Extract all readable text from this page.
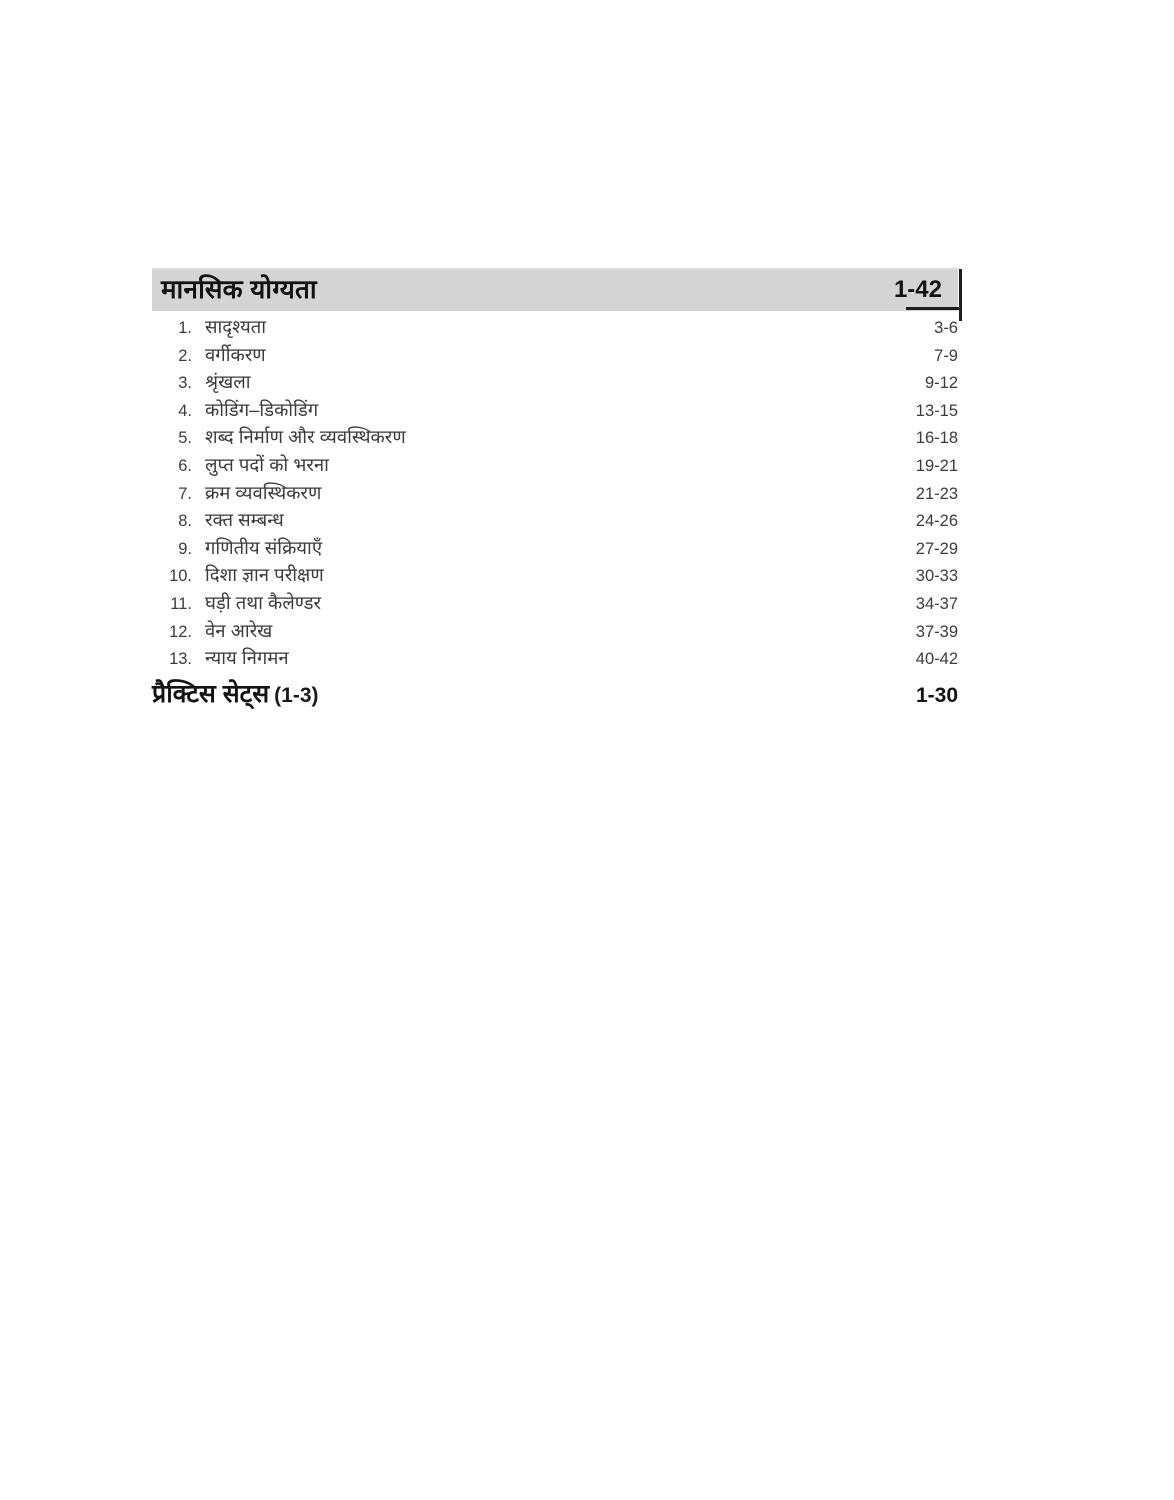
मानसिक योग्यता	1-42
1. सादृश्यता	3-6
2. वर्गीकरण	7-9
3. श्रृंखला	9-12
4. कोडिंग–डिकोडिंग	13-15
5. शब्द निर्माण और व्यवस्थिकरण	16-18
6. लुप्त पदों को भरना	19-21
7. क्रम व्यवस्थिकरण	21-23
8. रक्त सम्बन्ध	24-26
9. गणितीय संक्रियाएँ	27-29
10. दिशा ज्ञान परीक्षण	30-33
11. घड़ी तथा कैलेण्डर	34-37
12. वेन आरेख	37-39
13. न्याय निगमन	40-42
प्रैक्टिस सेट्स (1-3)	1-30
